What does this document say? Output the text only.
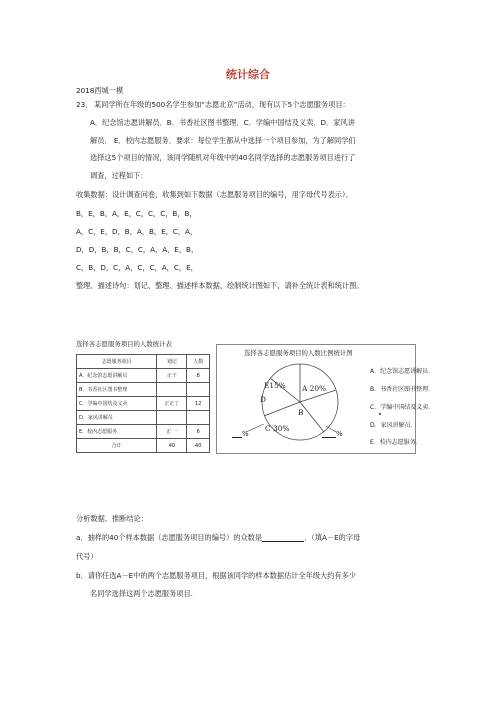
统计综合
2018西城一模
23． 某同学所在年级的500名学生参加“志愿北京”活动，现有以下5个志愿服务项目：
A．纪念馆志愿讲解员．B．书香社区图书整理．C．学编中国结及义卖．D．家风讲
解员． E．校内志愿服务．要求：每位学生都从中选择一个项目参加，为了解同学们
选择这5个项目的情况，该同学随机对年级中的40名同学选择的志愿服务项目进行了
调查，过程如下：
收集数据：设计调查问卷，收集到如下数据（志愿服务项目的编号，用字母代号表示）。
B，E，B，A，E，C，C，C，B，B，
A，C，E，D，B，A，B，E，C，A，
D，D，B，B，C，C，A，A，E，B，
C，B，D，C，A，C，C，A，C，E，
整理、描述诗句：划记、整理、描述样本数据，绘制统计图如下，请补全统计表和统计图。
选择各志愿服务项目的人数统计表
志愿服务项目	划记	人数
A．纪念馆志愿讲解员	正干	8
B．书香社区图书整理		
C．学编中国结及义卖	正正丁	12
D．家风讲解员		
E．校内志愿服务	正 一	6
合计	40	40
选择各志愿服务项目的人数比例统计图
E15% A 20%
D
B
C 30%
%	%
A．纪念馆志愿讲解员．
B．书香社区图书整理．
C．学编中国结及义卖．
D．家风讲解员．
E．校内志愿服务．
分析数据、推断结论：
a．抽样的40个样本数据（志愿服务项目的编号）的众数是	．（填A－E的字母
代号）
b．请你任选A－E中的两个志愿服务项目，根据该同学的样本数据估计全年级大约有多少
名同学选择这两个志愿服务项目.
